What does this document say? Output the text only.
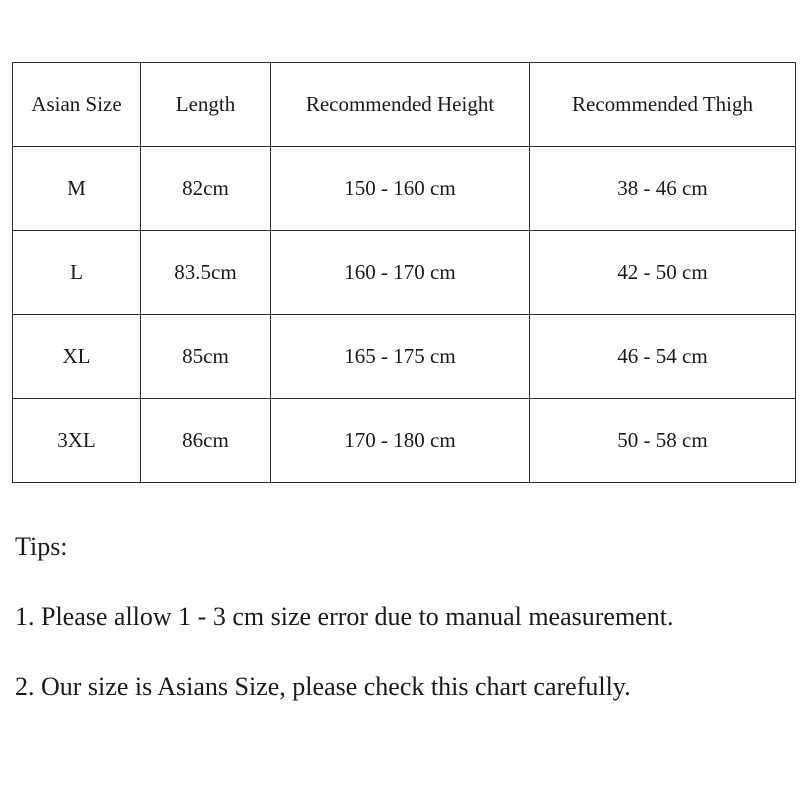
Asian Size	Length	Recommended Height	Recommended Thigh
M	82cm	150 - 160 cm	38 - 46 cm
L	83.5cm	160 - 170 cm	42 - 50 cm
XL	85cm	165 - 175 cm	46 - 54 cm
3XL	86cm	170 - 180 cm	50 - 58 cm
Tips:
1. Please allow 1 - 3 cm size error due to manual measurement.
2. Our size is Asians Size, please check this chart carefully.
